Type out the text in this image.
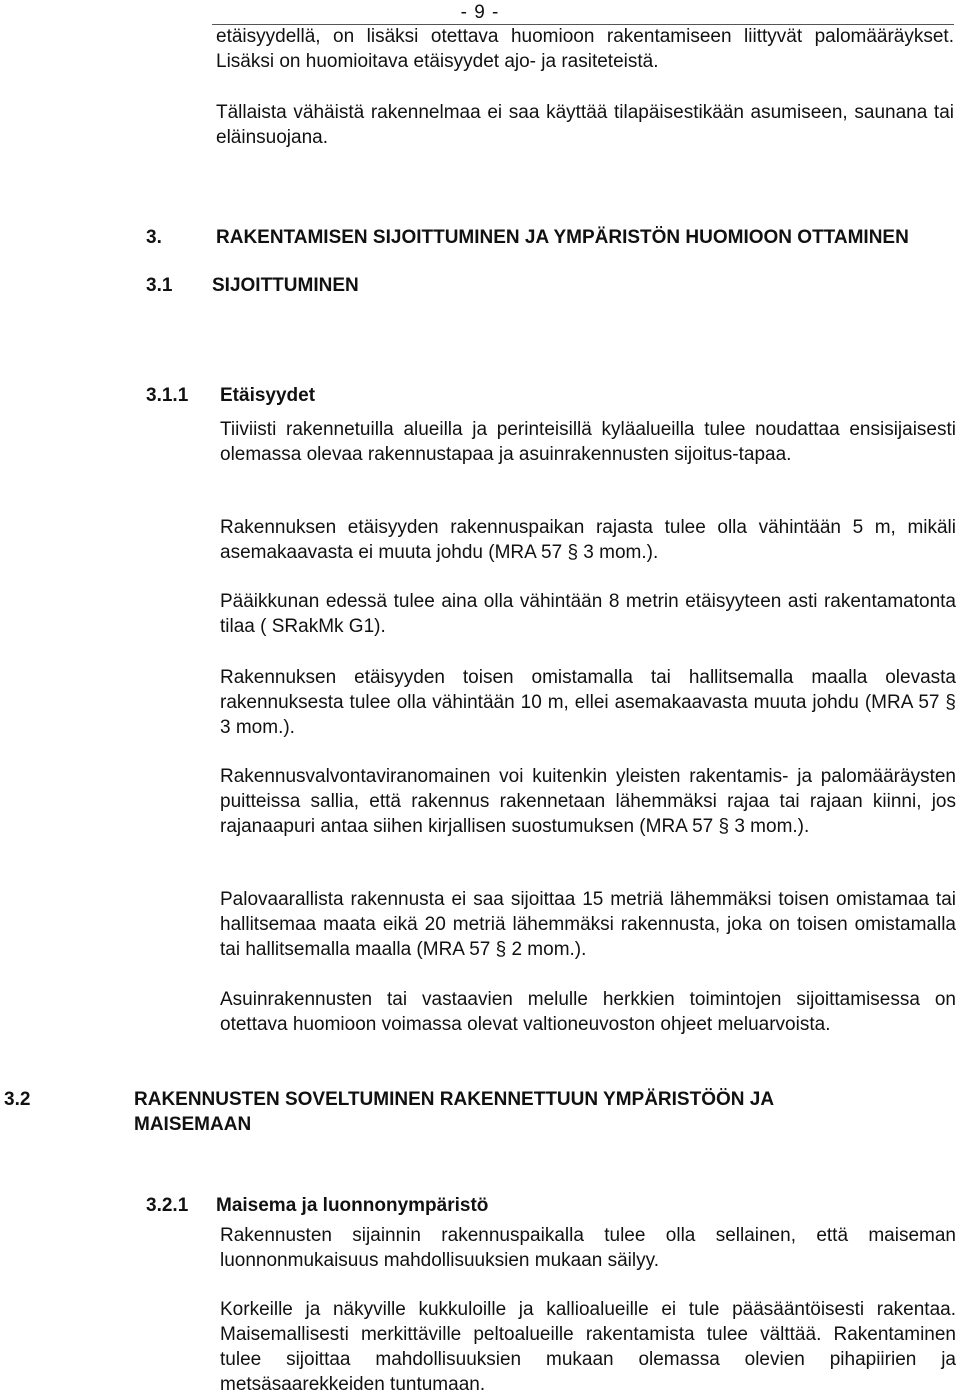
- 9 -

etäisyydellä, on lisäksi otettava huomioon rakentamiseen liittyvät palomääräykset. Lisäksi on huomioitava etäisyydet ajo- ja rasiteteistä.

Tällaista vähäistä rakennelmaa ei saa käyttää tilapäisestikään asumiseen, saunana tai eläinsuojana.

3.	RAKENTAMISEN SIJOITTUMINEN JA YMPÄRISTÖN HUOMIOON OTTAMINEN
3.1 SIJOITTUMINEN
3.1.1 Etäisyydet

Tiiviisti rakennetuilla alueilla ja perinteisillä kyläalueilla tulee noudattaa ensisijaisesti olemassa olevaa rakennustapaa ja asuinrakennusten sijoitus-tapaa.

Rakennuksen etäisyyden rakennuspaikan rajasta tulee olla vähintään 5 m, mikäli asemakaavasta ei muuta johdu (MRA 57 § 3 mom.).

Pääikkunan edessä tulee aina olla vähintään 8 metrin etäisyyteen asti rakentamatonta tilaa ( SRakMk G1).

Rakennuksen etäisyyden toisen omistamalla tai hallitsemalla maalla olevasta rakennuksesta tulee olla vähintään 10 m, ellei asemakaavasta muuta johdu (MRA 57 § 3 mom.).

Rakennusvalvontaviranomainen voi kuitenkin yleisten rakentamis- ja palomääräysten puitteissa sallia, että rakennus rakennetaan lähemmäksi rajaa tai rajaan kiinni, jos rajanaapuri antaa siihen kirjallisen suostumuksen (MRA 57 § 3 mom.).

Palovaarallista rakennusta ei saa sijoittaa 15 metriä lähemmäksi toisen omistamaa tai hallitsemaa maata eikä 20 metriä lähemmäksi rakennusta, joka on toisen omistamalla tai hallitsemalla maalla (MRA 57 § 2 mom.).

Asuinrakennusten tai vastaavien melulle herkkien toimintojen sijoittamisessa on otettava huomioon voimassa olevat valtioneuvoston ohjeet meluarvoista.

3.2	RAKENNUSTEN SOVELTUMINEN RAKENNETTUUN YMPÄRISTÖÖN JA MAISEMAAN
3.2.1 Maisema ja luonnonympäristö

Rakennusten sijainnin rakennuspaikalla tulee olla sellainen, että maiseman luonnonmukaisuus mahdollisuuksien mukaan säilyy.

Korkeille ja näkyville kukkuloille ja kallioalueille ei tule pääsääntöisesti rakentaa. Maisemallisesti merkittäville peltoalueille rakentamista tulee välttää. Rakentaminen tulee sijoittaa mahdollisuuksien mukaan olemassa olevien pihapiirien ja metsäsaarekkeiden tuntumaan.
